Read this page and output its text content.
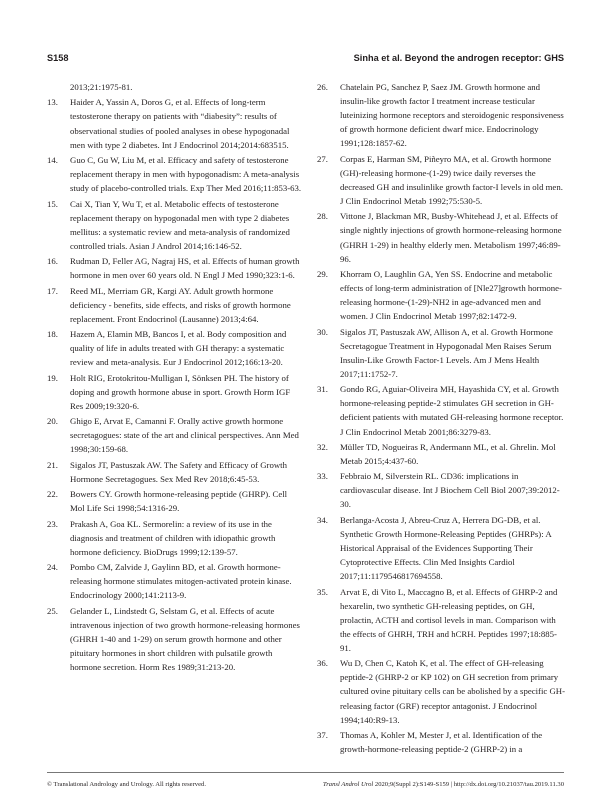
S158	Sinha et al. Beyond the androgen receptor: GHS
2013;21:1975-81.
13. Haider A, Yassin A, Doros G, et al. Effects of long-term testosterone therapy on patients with “diabesity”: results of observational studies of pooled analyses in obese hypogonadal men with type 2 diabetes. Int J Endocrinol 2014;2014:683515.
14. Guo C, Gu W, Liu M, et al. Efficacy and safety of testosterone replacement therapy in men with hypogonadism: A meta-analysis study of placebo-controlled trials. Exp Ther Med 2016;11:853-63.
15. Cai X, Tian Y, Wu T, et al. Metabolic effects of testosterone replacement therapy on hypogonadal men with type 2 diabetes mellitus: a systematic review and meta-analysis of randomized controlled trials. Asian J Androl 2014;16:146-52.
16. Rudman D, Feller AG, Nagraj HS, et al. Effects of human growth hormone in men over 60 years old. N Engl J Med 1990;323:1-6.
17. Reed ML, Merriam GR, Kargi AY. Adult growth hormone deficiency - benefits, side effects, and risks of growth hormone replacement. Front Endocrinol (Lausanne) 2013;4:64.
18. Hazem A, Elamin MB, Bancos I, et al. Body composition and quality of life in adults treated with GH therapy: a systematic review and meta-analysis. Eur J Endocrinol 2012;166:13-20.
19. Holt RIG, Erotokritou-Mulligan I, Sönksen PH. The history of doping and growth hormone abuse in sport. Growth Horm IGF Res 2009;19:320-6.
20. Ghigo E, Arvat E, Camanni F. Orally active growth hormone secretagogues: state of the art and clinical perspectives. Ann Med 1998;30:159-68.
21. Sigalos JT, Pastuszak AW. The Safety and Efficacy of Growth Hormone Secretagogues. Sex Med Rev 2018;6:45-53.
22. Bowers CY. Growth hormone-releasing peptide (GHRP). Cell Mol Life Sci 1998;54:1316-29.
23. Prakash A, Goa KL. Sermorelin: a review of its use in the diagnosis and treatment of children with idiopathic growth hormone deficiency. BioDrugs 1999;12:139-57.
24. Pombo CM, Zalvide J, Gaylinn BD, et al. Growth hormone-releasing hormone stimulates mitogen-activated protein kinase. Endocrinology 2000;141:2113-9.
25. Gelander L, Lindstedt G, Selstam G, et al. Effects of acute intravenous injection of two growth hormone-releasing hormones (GHRH 1-40 and 1-29) on serum growth hormone and other pituitary hormones in short children with pulsatile growth hormone secretion. Horm Res 1989;31:213-20.
26. Chatelain PG, Sanchez P, Saez JM. Growth hormone and insulin-like growth factor I treatment increase testicular luteinizing hormone receptors and steroidogenic responsiveness of growth hormone deficient dwarf mice. Endocrinology 1991;128:1857-62.
27. Corpas E, Harman SM, Piñeyro MA, et al. Growth hormone (GH)-releasing hormone-(1-29) twice daily reverses the decreased GH and insulinlike growth factor-I levels in old men. J Clin Endocrinol Metab 1992;75:530-5.
28. Vittone J, Blackman MR, Busby-Whitehead J, et al. Effects of single nightly injections of growth hormone-releasing hormone (GHRH 1-29) in healthy elderly men. Metabolism 1997;46:89-96.
29. Khorram O, Laughlin GA, Yen SS. Endocrine and metabolic effects of long-term administration of [Nle27]growth hormone-releasing hormone-(1-29)-NH2 in age-advanced men and women. J Clin Endocrinol Metab 1997;82:1472-9.
30. Sigalos JT, Pastuszak AW, Allison A, et al. Growth Hormone Secretagogue Treatment in Hypogonadal Men Raises Serum Insulin-Like Growth Factor-1 Levels. Am J Mens Health 2017;11:1752-7.
31. Gondo RG, Aguiar-Oliveira MH, Hayashida CY, et al. Growth hormone-releasing peptide-2 stimulates GH secretion in GH-deficient patients with mutated GH-releasing hormone receptor. J Clin Endocrinol Metab 2001;86:3279-83.
32. Müller TD, Nogueiras R, Andermann ML, et al. Ghrelin. Mol Metab 2015;4:437-60.
33. Febbraio M, Silverstein RL. CD36: implications in cardiovascular disease. Int J Biochem Cell Biol 2007;39:2012-30.
34. Berlanga-Acosta J, Abreu-Cruz A, Herrera DG-DB, et al. Synthetic Growth Hormone-Releasing Peptides (GHRPs): A Historical Appraisal of the Evidences Supporting Their Cytoprotective Effects. Clin Med Insights Cardiol 2017;11:1179546817694558.
35. Arvat E, di Vito L, Maccagno B, et al. Effects of GHRP-2 and hexarelin, two synthetic GH-releasing peptides, on GH, prolactin, ACTH and cortisol levels in man. Comparison with the effects of GHRH, TRH and hCRH. Peptides 1997;18:885-91.
36. Wu D, Chen C, Katoh K, et al. The effect of GH-releasing peptide-2 (GHRP-2 or KP 102) on GH secretion from primary cultured ovine pituitary cells can be abolished by a specific GH-releasing factor (GRF) receptor antagonist. J Endocrinol 1994;140:R9-13.
37. Thomas A, Kohler M, Mester J, et al. Identification of the growth-hormone-releasing peptide-2 (GHRP-2) in a
© Translational Andrology and Urology. All rights reserved.	Transl Androl Urol 2020;9(Suppl 2):S149-S159 | http://dx.doi.org/10.21037/tau.2019.11.30
